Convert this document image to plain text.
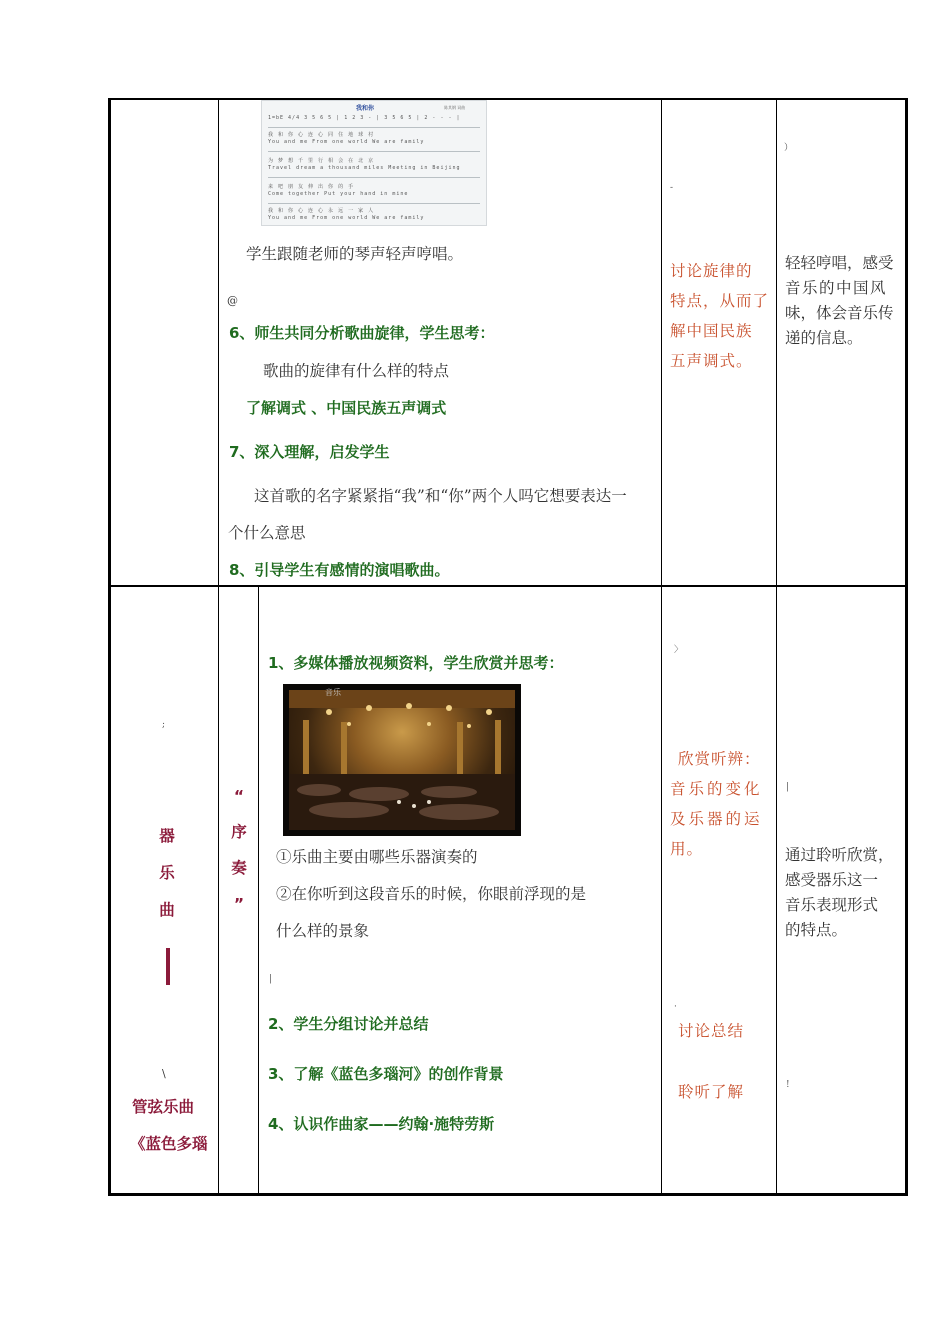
我和你	陈其钢 词曲
1=bE 4/4 3 5 6 5 | 1 2 3 - | 3 5 6 5 | 2 - - - |
我 和 你 心 连 心 同 住 地 球 村
You and me From one world We are family
为 梦 想 千 里 行 相 会 在 北 京
Travel dream a thousand miles Meeting in Beijing
来 吧 朋 友 伸 出 你 的 手
Come together Put your hand in mine
我 和 你 心 连 心 永 远 一 家 人
You and me From one world We are family
学生跟随老师的琴声轻声哼唱。
@
6、师生共同分析歌曲旋律，学生思考：
歌曲的旋律有什么样的特点
了解调式 、中国民族五声调式
7、深入理解，启发学生
这首歌的名字紧紧指“我”和“你”两个人吗它想要表达一
个什么意思
8、引导学生有感情的演唱歌曲。
-
讨论旋律的
特点，从而了
解中国民族
五声调式。
）
轻轻哼唱，感受
音乐的中国风
味，体会音乐传
递的信息。
;
器
乐
曲
\
管弦乐曲
《蓝色多瑙
“
序
奏
”
1、多媒体播放视频资料，学生欣赏并思考：
音乐
①乐曲主要由哪些乐器演奏的
②在你听到这段音乐的时候，你眼前浮现的是
什么样的景象
|
2、学生分组讨论并总结
3、了解《蓝色多瑙河》的创作背景
4、认识作曲家——约翰·施特劳斯
〉
欣赏听辨：
音乐的变化
及乐器的运
用。
·
讨论总结
聆听了解
|
通过聆听欣赏，
感受器乐这一
音乐表现形式
的特点。
!
